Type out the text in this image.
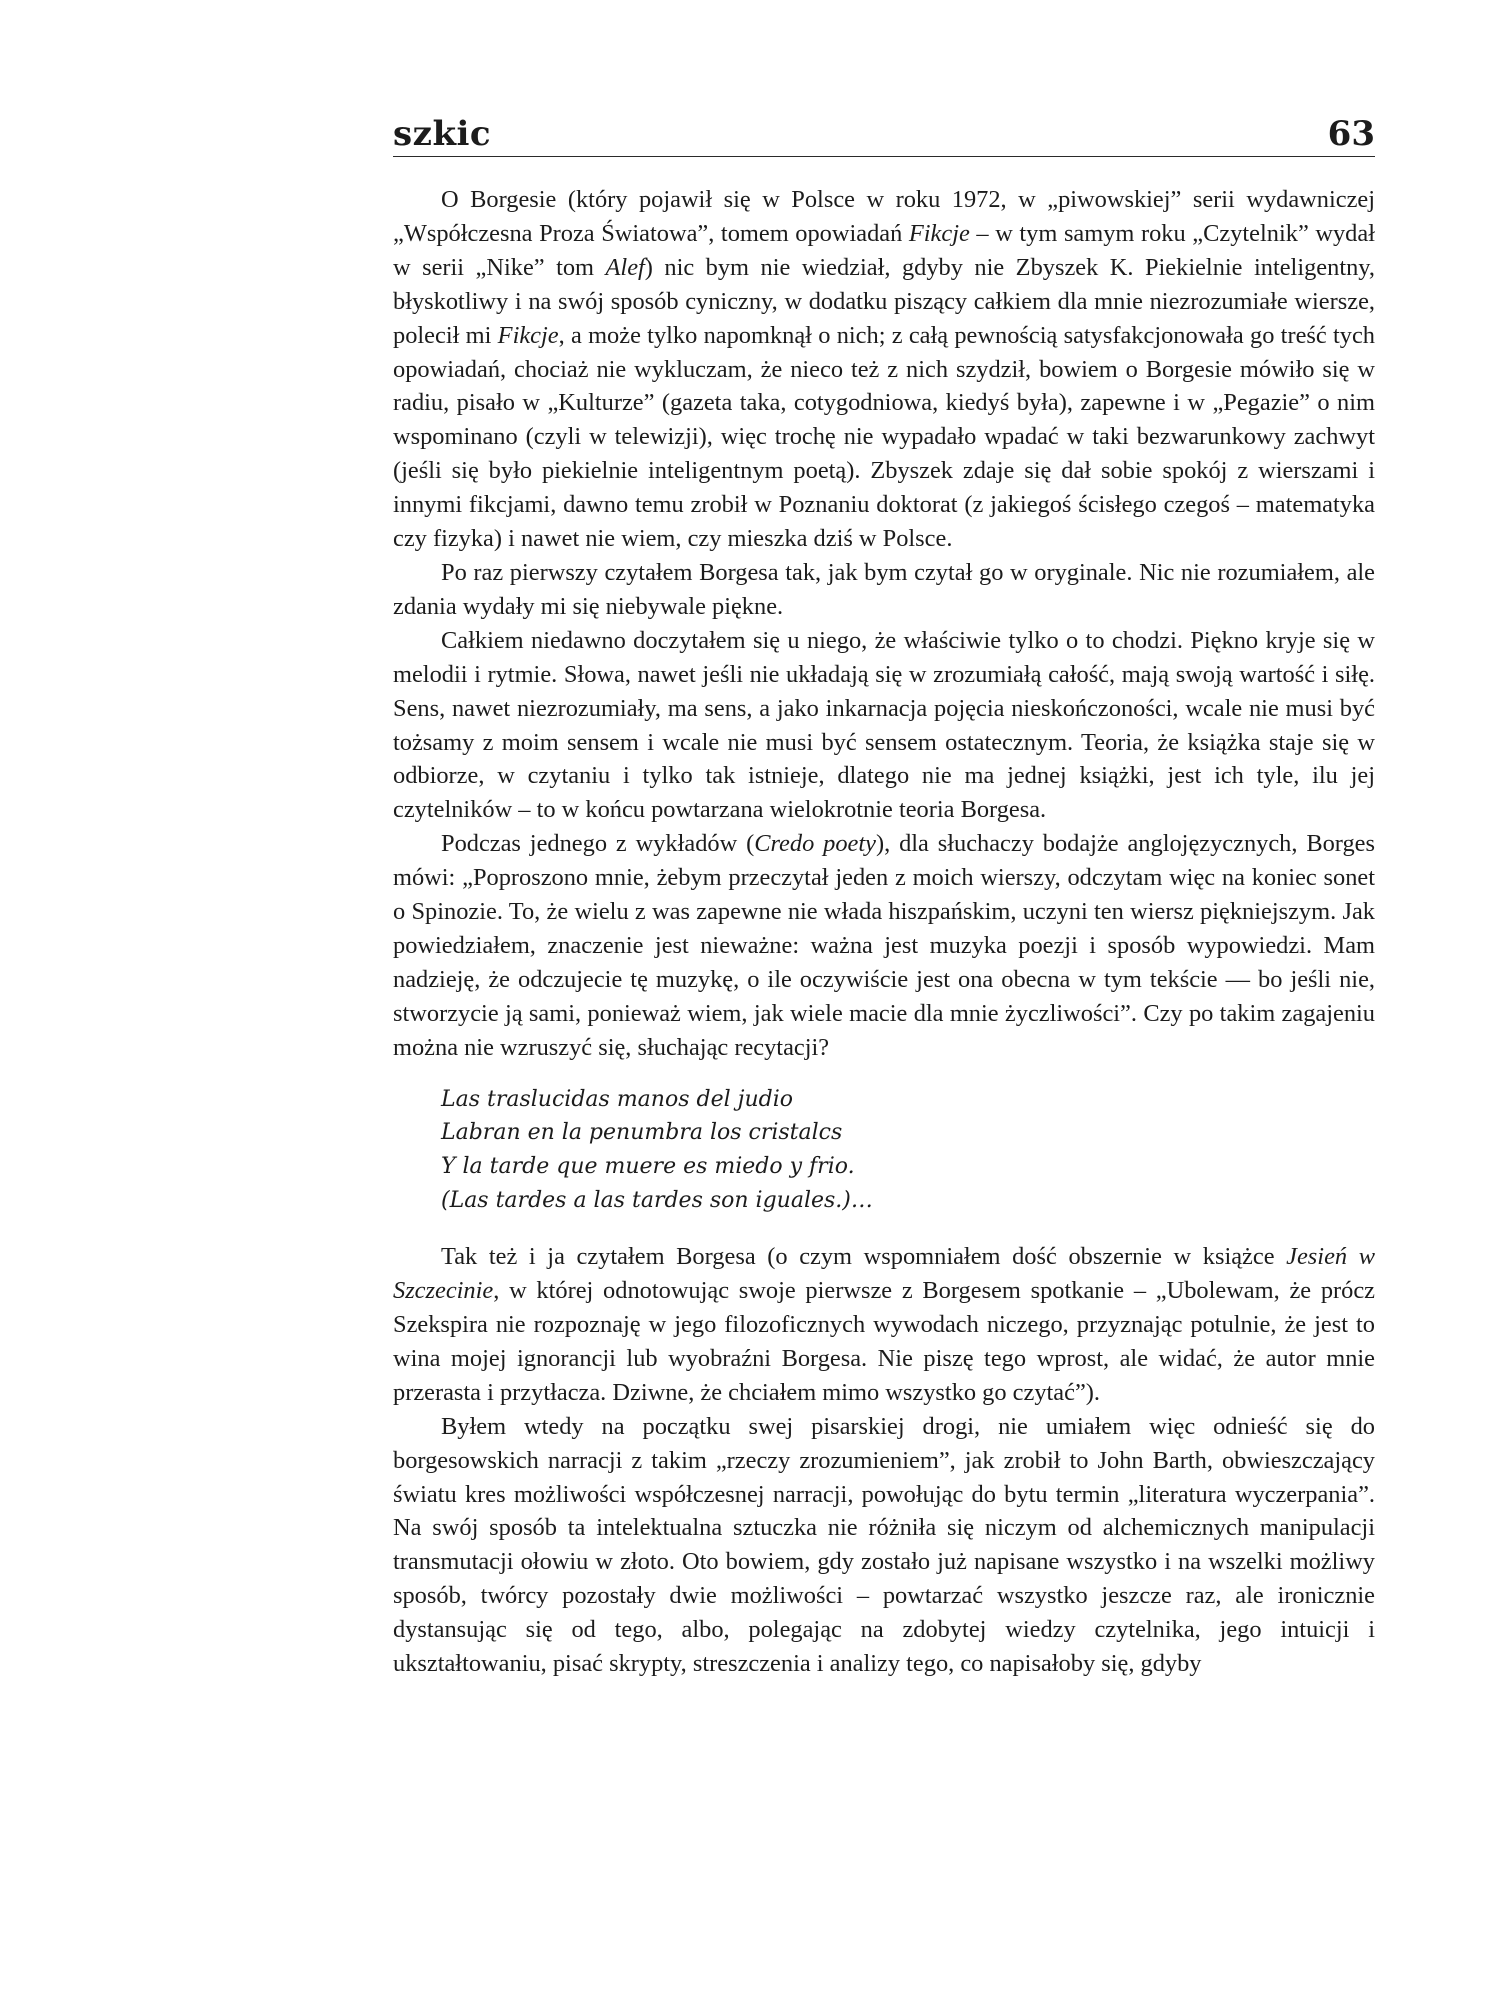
szkic	63

O Borgesie (który pojawił się w Polsce w roku 1972, w „piwowskiej” serii wydawniczej „Współczesna Proza Światowa”, tomem opowiadań Fikcje – w tym samym roku „Czytelnik” wydał w serii „Nike” tom Alef) nic bym nie wiedział, gdyby nie Zbyszek K. Piekielnie inteligentny, błyskotliwy i na swój sposób cyniczny, w dodatku piszący całkiem dla mnie niezrozumiałe wiersze, polecił mi Fikcje, a może tylko napomknął o nich; z całą pewnością satysfakcjonowała go treść tych opowiadań, chociaż nie wykluczam, że nieco też z nich szydził, bowiem o Borgesie mówiło się w radiu, pisało w „Kulturze” (gazeta taka, cotygodniowa, kiedyś była), zapewne i w „Pegazie” o nim wspominano (czyli w telewizji), więc trochę nie wypadało wpadać w taki bezwarunkowy zachwyt (jeśli się było piekielnie inteligentnym poetą). Zbyszek zdaje się dał sobie spokój z wierszami i innymi fikcjami, dawno temu zrobił w Poznaniu doktorat (z jakiegoś ścisłego czegoś – matematyka czy fizyka) i nawet nie wiem, czy mieszka dziś w Polsce.

Po raz pierwszy czytałem Borgesa tak, jak bym czytał go w oryginale. Nic nie rozumiałem, ale zdania wydały mi się niebywale piękne.

Całkiem niedawno doczytałem się u niego, że właściwie tylko o to chodzi. Piękno kryje się w melodii i rytmie. Słowa, nawet jeśli nie układają się w zrozumiałą całość, mają swoją wartość i siłę. Sens, nawet niezrozumiały, ma sens, a jako inkarnacja pojęcia nieskończoności, wcale nie musi być tożsamy z moim sensem i wcale nie musi być sensem ostatecznym. Teoria, że książka staje się w odbiorze, w czytaniu i tylko tak istnieje, dlatego nie ma jednej książki, jest ich tyle, ilu jej czytelników – to w końcu powtarzana wielokrotnie teoria Borgesa.

Podczas jednego z wykładów (Credo poety), dla słuchaczy bodajże anglojęzycznych, Borges mówi: „Poproszono mnie, żebym przeczytał jeden z moich wierszy, odczytam więc na koniec sonet o Spinozie. To, że wielu z was zapewne nie włada hiszpańskim, uczyni ten wiersz piękniejszym. Jak powiedziałem, znaczenie jest nieważne: ważna jest muzyka poezji i sposób wypowiedzi. Mam nadzieję, że odczujecie tę muzykę, o ile oczywiście jest ona obecna w tym tekście — bo jeśli nie, stworzycie ją sami, ponieważ wiem, jak wiele macie dla mnie życzliwości”. Czy po takim zagajeniu można nie wzruszyć się, słuchając recytacji?

Las traslucidas manos del judio
Labran en la penumbra los cristalcs
Y la tarde que muere es miedo y frio.
(Las tardes a las tardes son iguales.)…

Tak też i ja czytałem Borgesa (o czym wspomniałem dość obszernie w książce Jesień w Szczecinie, w której odnotowując swoje pierwsze z Borgesem spotkanie – „Ubolewam, że prócz Szekspira nie rozpoznaję w jego filozoficznych wywodach niczego, przyznając potulnie, że jest to wina mojej ignorancji lub wyobraźni Borgesa. Nie piszę tego wprost, ale widać, że autor mnie przerasta i przytłacza. Dziwne, że chciałem mimo wszystko go czytać”).

Byłem wtedy na początku swej pisarskiej drogi, nie umiałem więc odnieść się do borgesowskich narracji z takim „rzeczy zrozumieniem”, jak zrobił to John Barth, obwieszczający światu kres możliwości współczesnej narracji, powołując do bytu termin „literatura wyczerpania”. Na swój sposób ta intelektualna sztuczka nie różniła się niczym od alchemicznych manipulacji transmutacji ołowiu w złoto. Oto bowiem, gdy zostało już napisane wszystko i na wszelki możliwy sposób, twórcy pozostały dwie możliwości – powtarzać wszystko jeszcze raz, ale ironicznie dystansując się od tego, albo, polegając na zdobytej wiedzy czytelnika, jego intuicji i ukształtowaniu, pisać skrypty, streszczenia i analizy tego, co napisałoby się, gdyby
